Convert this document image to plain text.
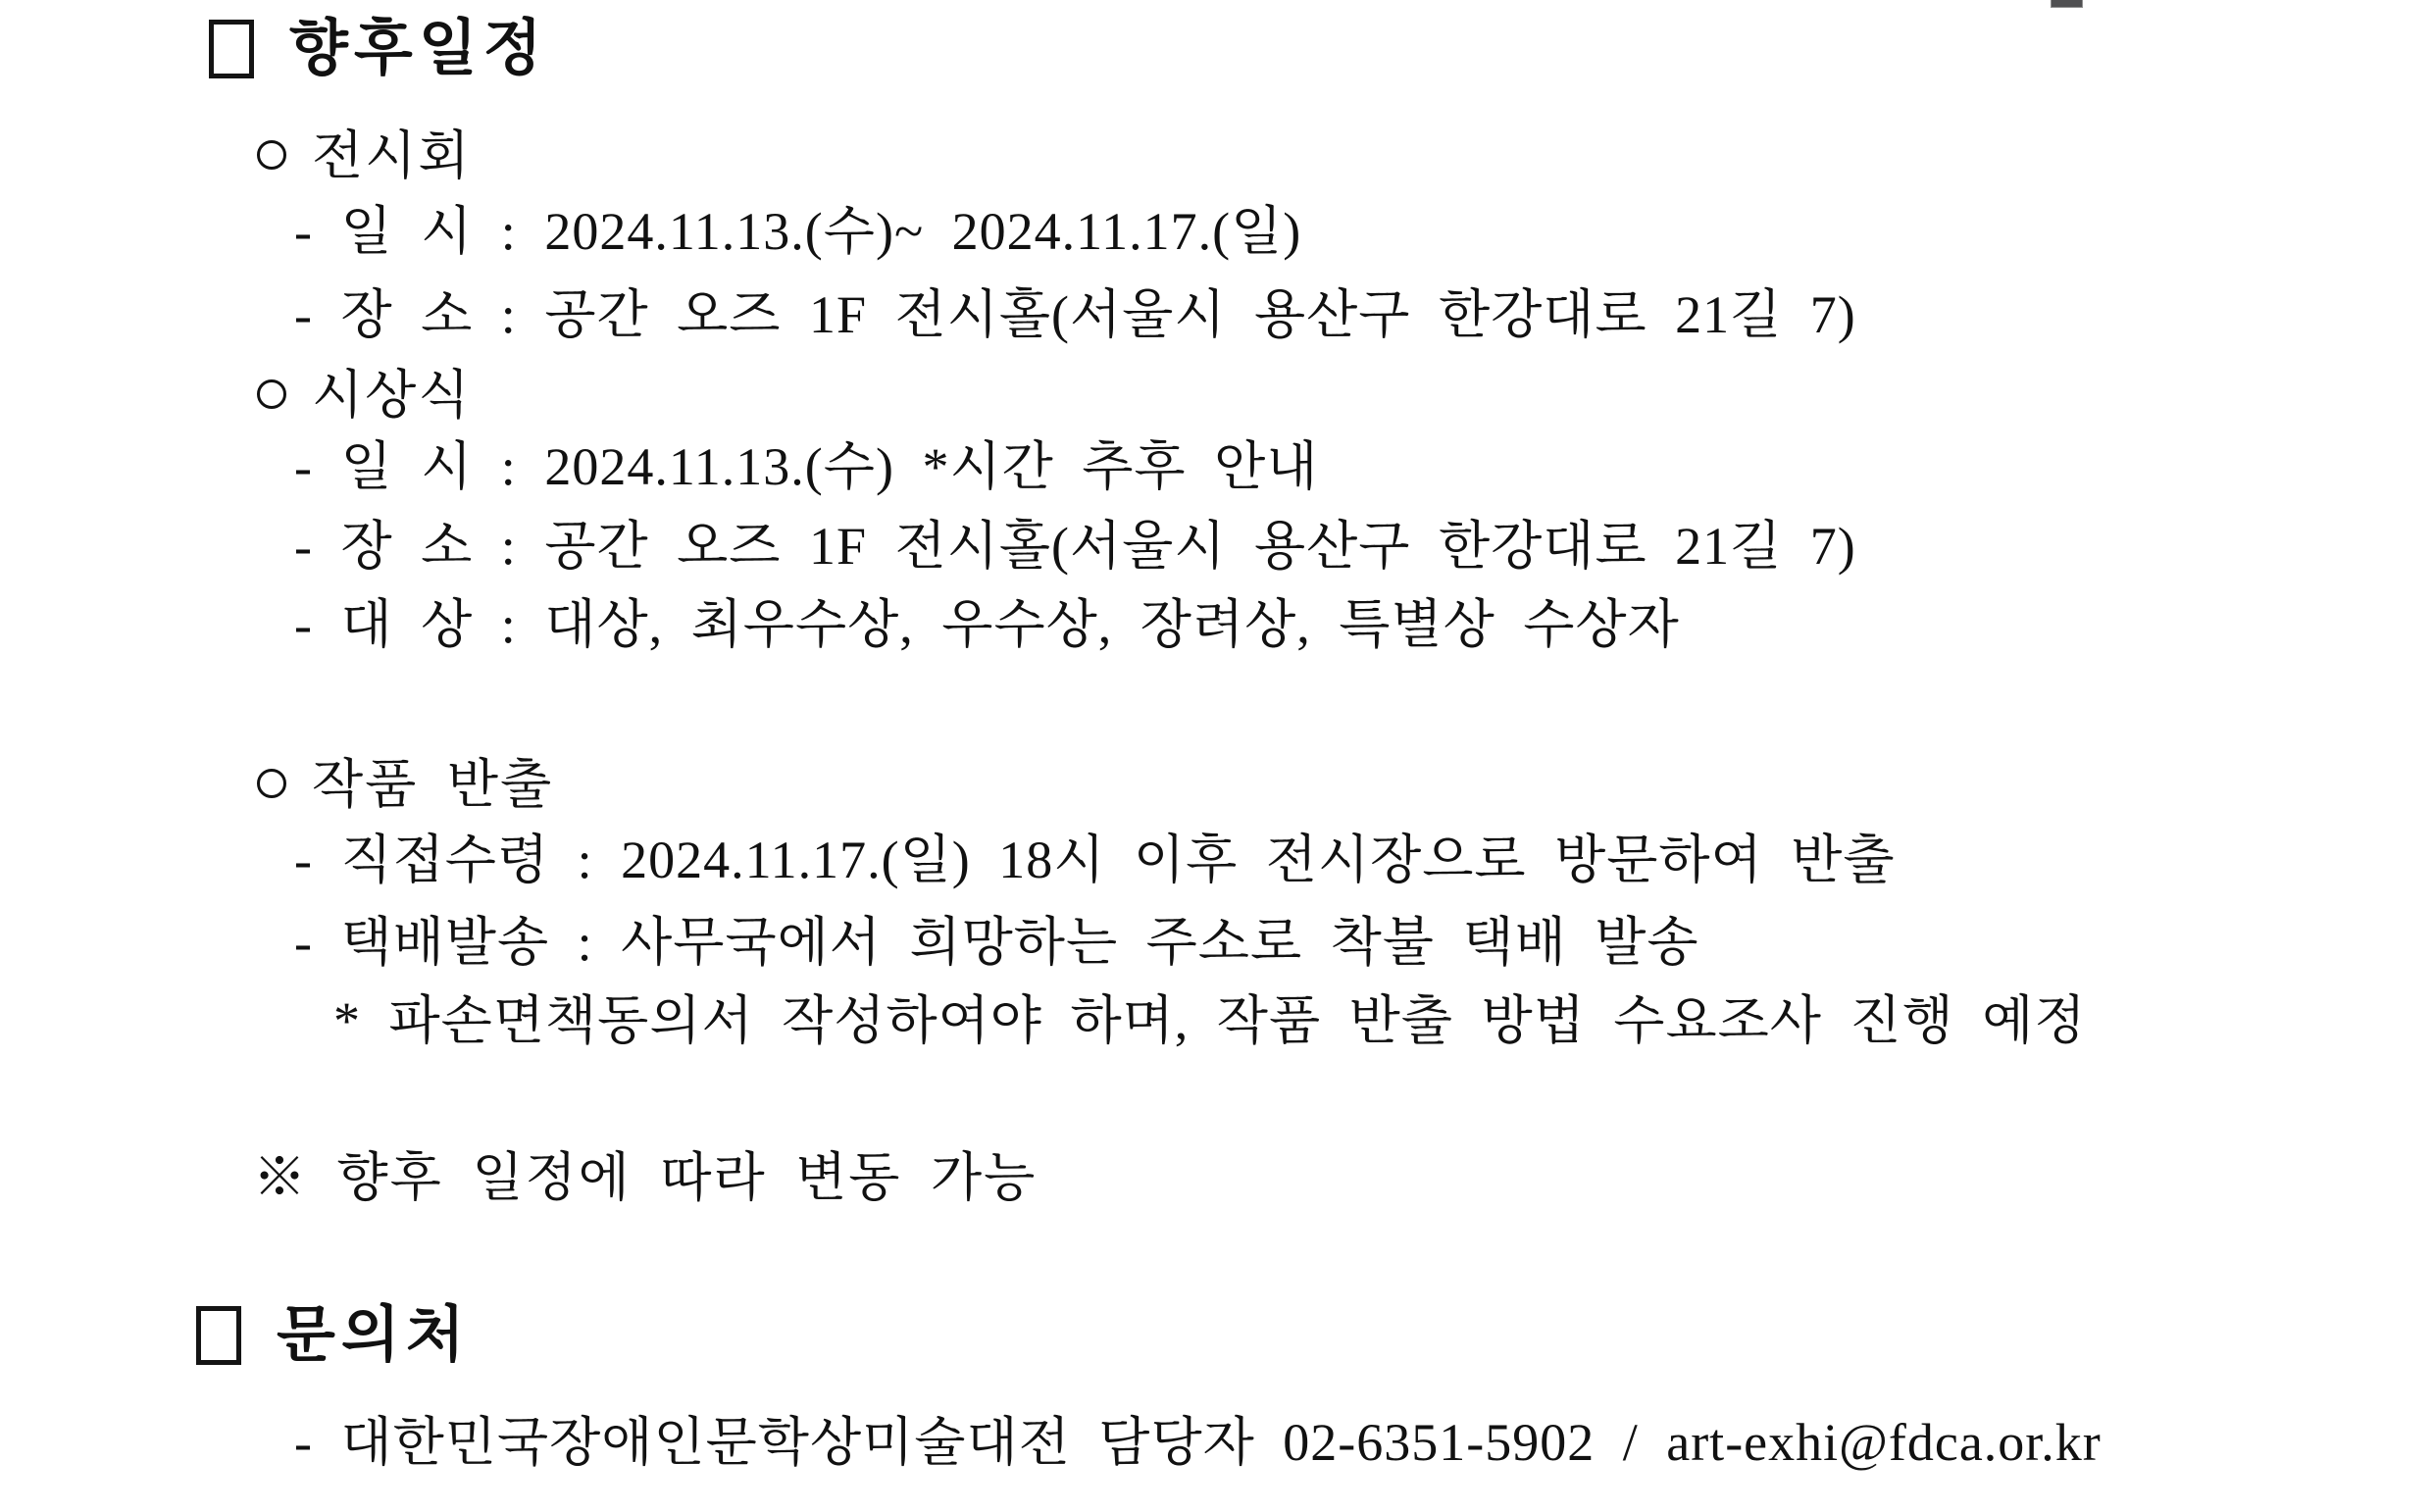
향후일정
전시회
- 일 시 : 2024.11.13.(수)~ 2024.11.17.(일)
- 장 소 : 공간 오즈 1F 전시홀(서울시 용산구 한강대로 21길 7)
시상식
- 일 시 : 2024.11.13.(수) *시간 추후 안내
- 장 소 : 공간 오즈 1F 전시홀(서울시 용산구 한강대로 21길 7)
- 대 상 : 대상, 최우수상, 우수상, 장려상, 특별상 수상자
작품 반출
- 직접수령 : 2024.11.17.(일) 18시 이후 전시장으로 방문하여 반출
- 택배발송 : 사무국에서 희망하는 주소로 착불 택배 발송
* 파손면책동의서 작성하여야 하며, 작품 반출 방법 수요조사 진행 예정
※ 향후 일정에 따라 변동 가능
문의처
- 대한민국장애인문학상미술대전 담당자 02-6351-5902 / art-exhi@fdca.or.kr
